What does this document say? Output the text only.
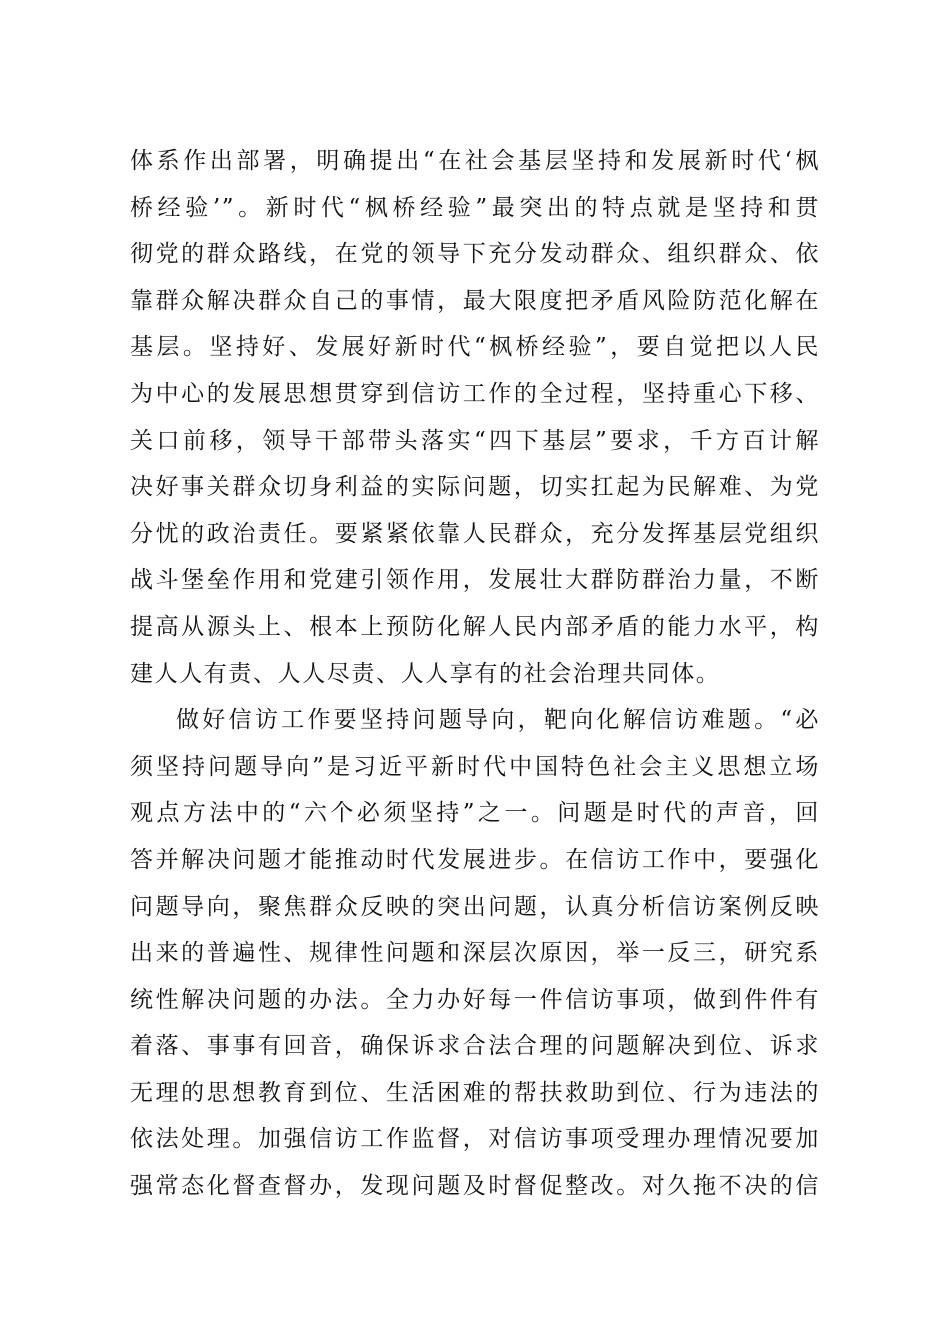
体系作出部署，明确提出“在社会基层坚持和发展新时代‘枫
桥经验’”。新时代“枫桥经验”最突出的特点就是坚持和贯
彻党的群众路线，在党的领导下充分发动群众、组织群众、依
靠群众解决群众自己的事情，最大限度把矛盾风险防范化解在
基层。坚持好、发展好新时代“枫桥经验”，要自觉把以人民
为中心的发展思想贯穿到信访工作的全过程，坚持重心下移、
关口前移，领导干部带头落实“四下基层”要求，千方百计解
决好事关群众切身利益的实际问题，切实扛起为民解难、为党
分忧的政治责任。要紧紧依靠人民群众，充分发挥基层党组织
战斗堡垒作用和党建引领作用，发展壮大群防群治力量，不断
提高从源头上、根本上预防化解人民内部矛盾的能力水平，构
建人人有责、人人尽责、人人享有的社会治理共同体。
做好信访工作要坚持问题导向，靶向化解信访难题。“必
须坚持问题导向”是习近平新时代中国特色社会主义思想立场
观点方法中的“六个必须坚持”之一。问题是时代的声音，回
答并解决问题才能推动时代发展进步。在信访工作中，要强化
问题导向，聚焦群众反映的突出问题，认真分析信访案例反映
出来的普遍性、规律性问题和深层次原因，举一反三，研究系
统性解决问题的办法。全力办好每一件信访事项，做到件件有
着落、事事有回音，确保诉求合法合理的问题解决到位、诉求
无理的思想教育到位、生活困难的帮扶救助到位、行为违法的
依法处理。加强信访工作监督，对信访事项受理办理情况要加
强常态化督查督办，发现问题及时督促整改。对久拖不决的信
